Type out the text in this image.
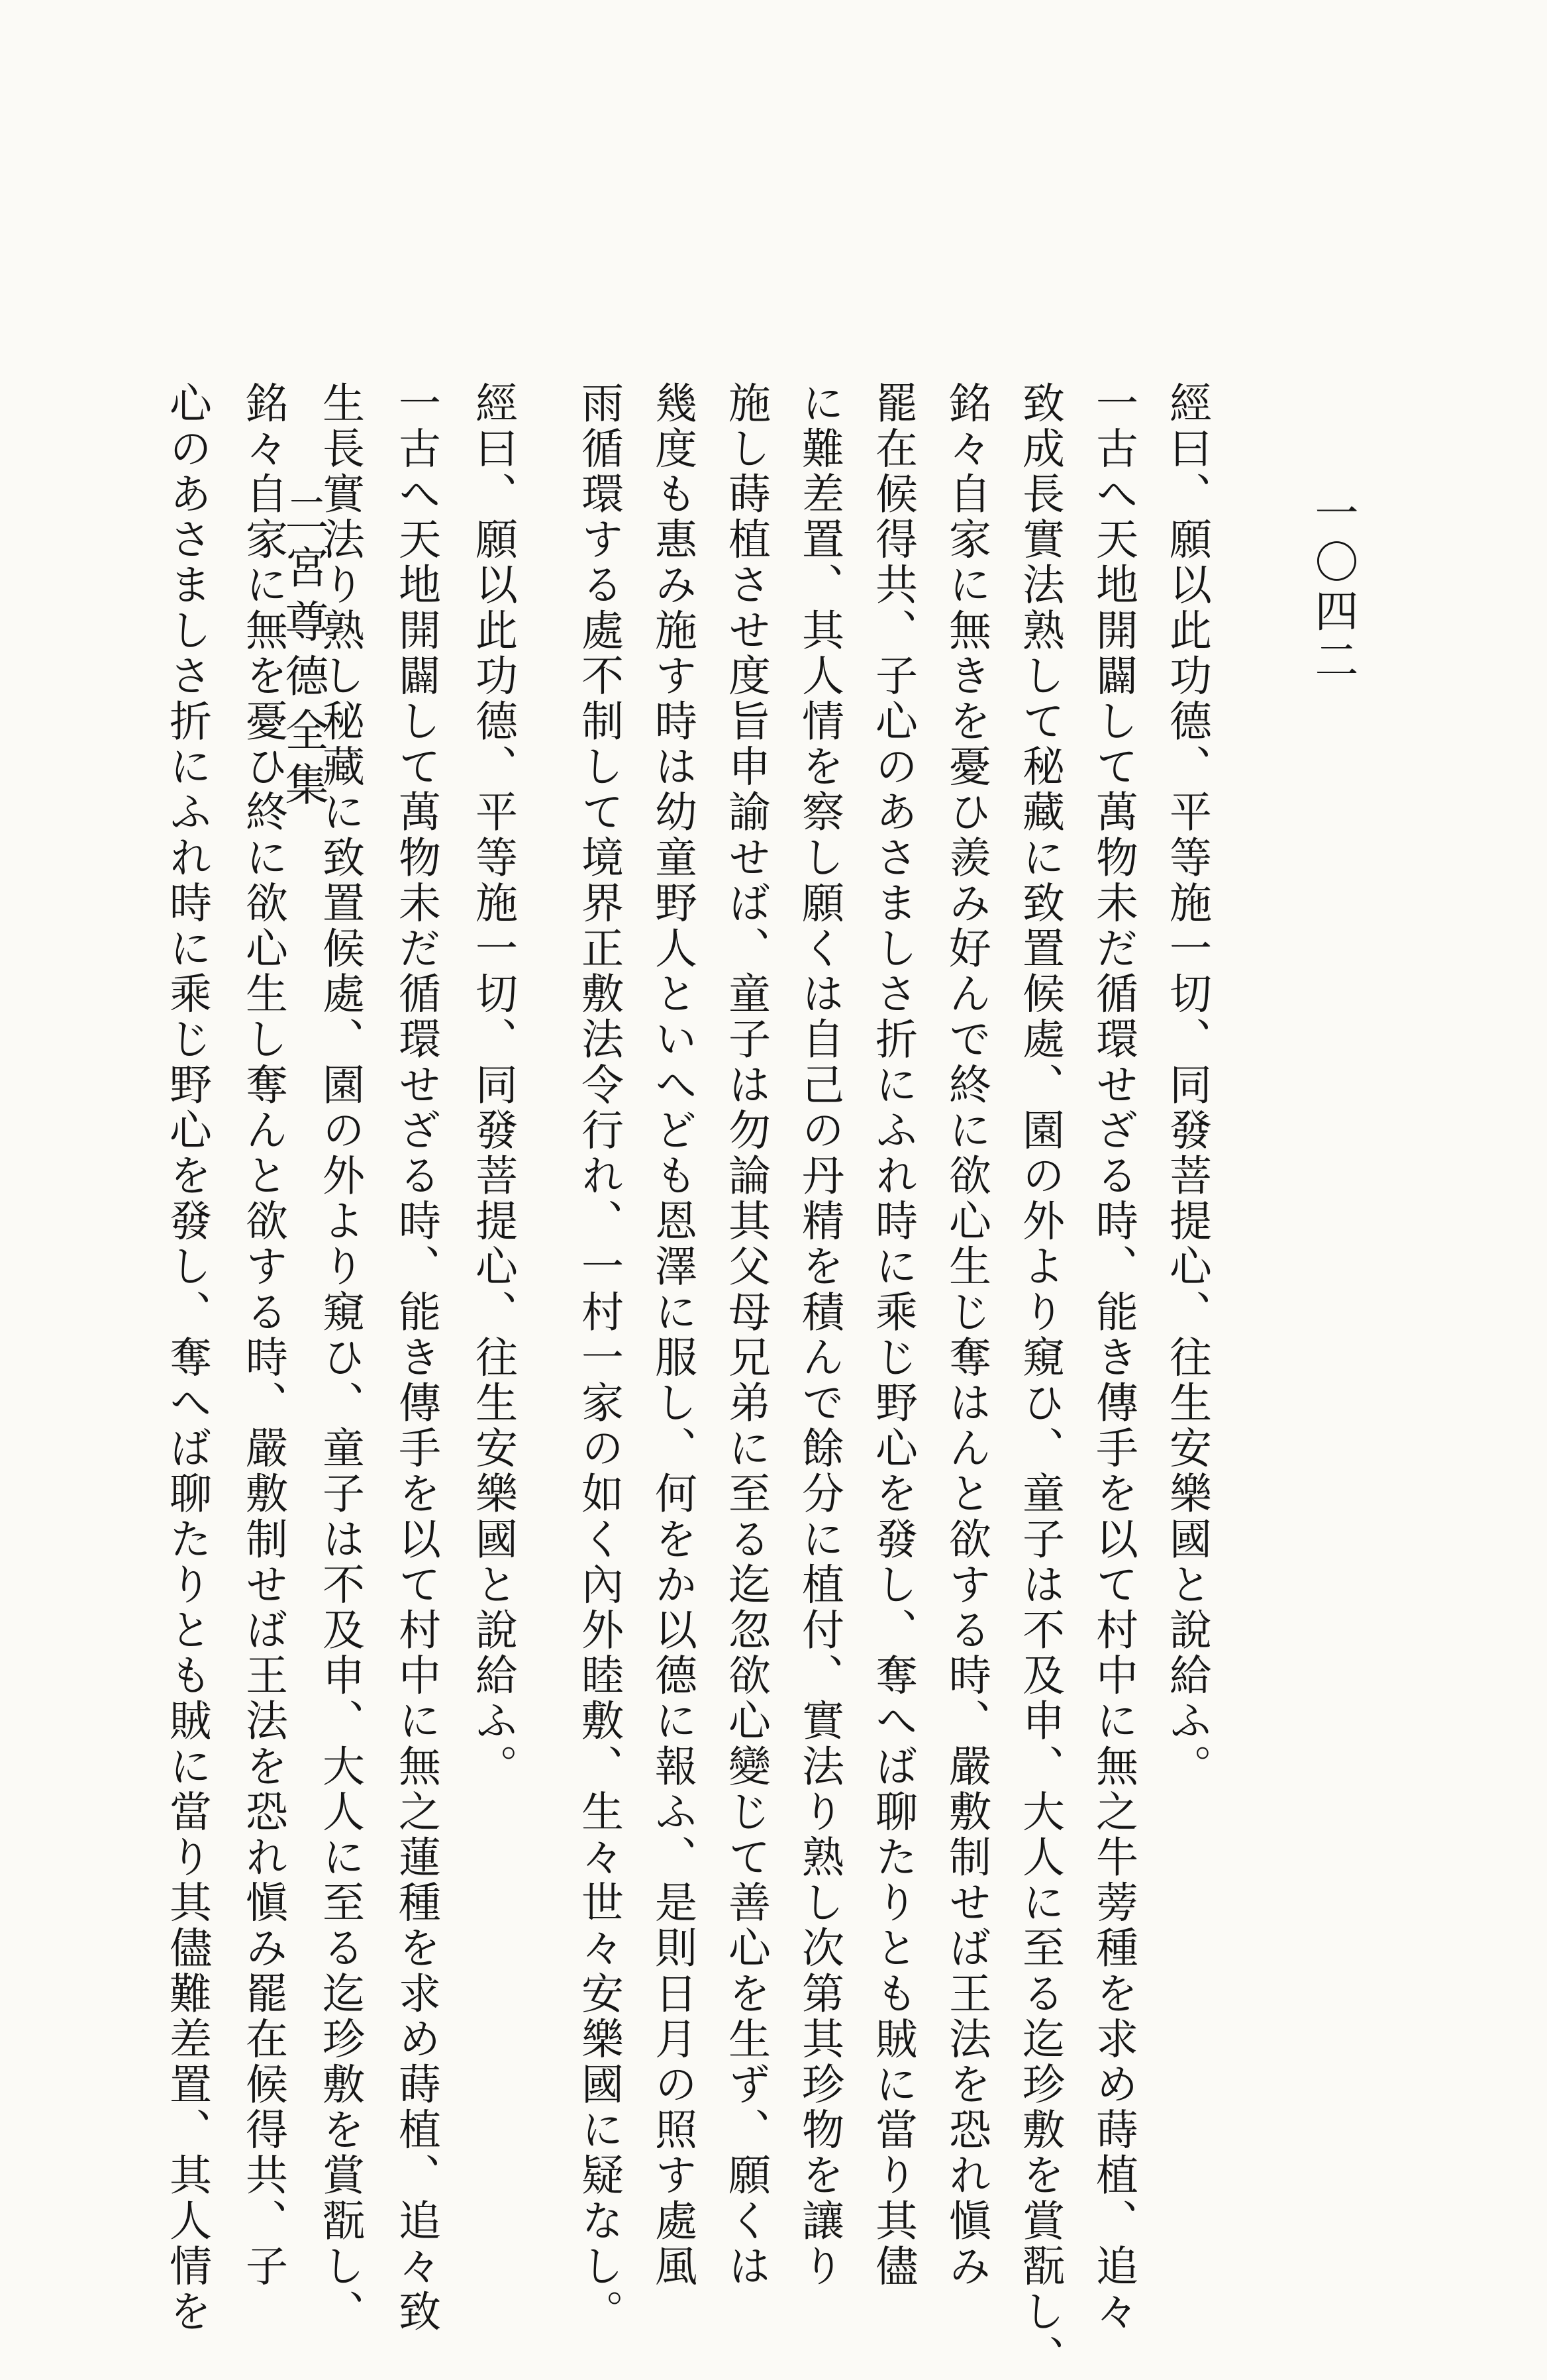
二宮尊德全集	一〇四二
經曰、願以此功德、平等施一切、同發菩提心、往生安樂國と說給ふ。
一古へ天地開闢して萬物未だ循環せざる時、能き傳手を以て村中に無之牛蒡種を求め蒔植、追々
致成長實法熟して秘藏に致置候處、園の外より窺ひ、童子は不及申、大人に至る迄珍敷を賞翫し、
銘々自家に無きを憂ひ羨み好んで終に欲心生じ奪はんと欲する時、嚴敷制せば王法を恐れ愼み
罷在候得共、子心のあさましさ折にふれ時に乘じ野心を發し、奪へば聊たりとも賊に當り其儘
に難差置、其人情を察し願くは自己の丹精を積んで餘分に植付、實法り熟し次第其珍物を讓り
施し蒔植させ度旨申諭せば、童子は勿論其父母兄弟に至る迄忽欲心變じて善心を生ず、願くは
幾度も惠み施す時は幼童野人といへども恩澤に服し、何をか以德に報ふ、是則日月の照す處風
雨循環する處不制して境界正敷法令行れ、一村一家の如く內外睦敷、生々世々安樂國に疑なし。
經曰、願以此功德、平等施一切、同發菩提心、往生安樂國と說給ふ。
一古へ天地開闢して萬物未だ循環せざる時、能き傳手を以て村中に無之蓮種を求め蒔植、追々致
生長實法り熟し秘藏に致置候處、園の外より窺ひ、童子は不及申、大人に至る迄珍敷を賞翫し、
銘々自家に無を憂ひ終に欲心生し奪んと欲する時、嚴敷制せば王法を恐れ愼み罷在候得共、子
心のあさましさ折にふれ時に乘じ野心を發し、奪へば聊たりとも賊に當り其儘難差置、其人情を
